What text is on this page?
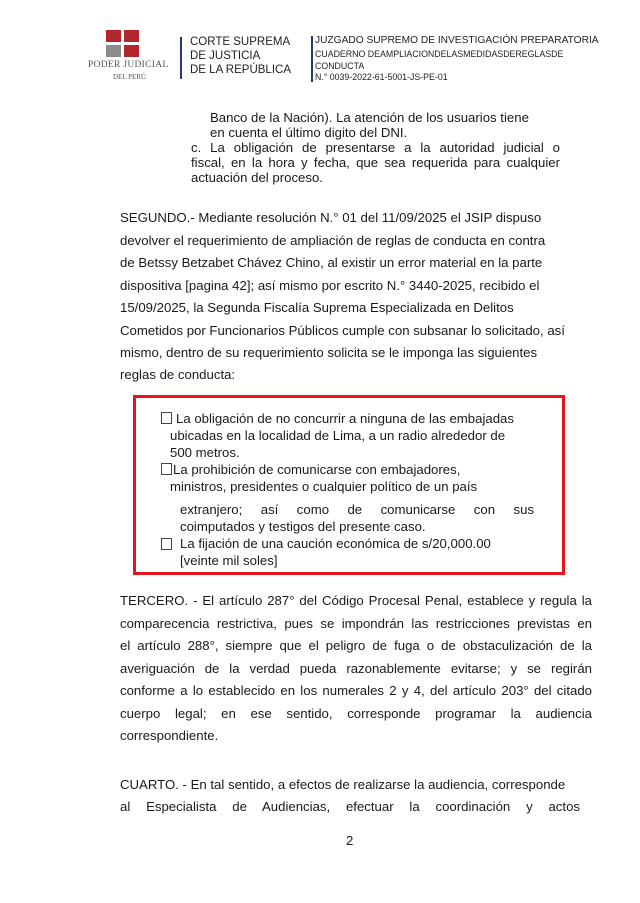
PODER JUDICIAL
DEL PERÚ
CORTE SUPREMA
DE JUSTICIA
DE LA REPÚBLICA
JUZGADO SUPREMO DE INVESTIGACIÓN PREPARATORIA
CUADERNO DEAMPLIACIONDELASMEDIDASDEREGLASDE
CONDUCTA
N.° 0039-2022-61-5001-JS-PE-01
Banco de la Nación). La atención de los usuarios tiene
en cuenta el último digito del DNI.
c. La obligación de presentarse a la autoridad judicial o
fiscal, en la hora y fecha, que sea requerida para cualquier
actuación del proceso.
SEGUNDO.- Mediante resolución N.° 01 del 11/09/2025 el JSIP dispuso
devolver el requerimiento de ampliación de reglas de conducta en contra
de Betssy Betzabet Chávez Chino, al existir un error material en la parte
dispositiva [pagina 42]; así mismo por escrito N.° 3440-2025, recibido el
15/09/2025, la Segunda Fiscalía Suprema Especializada en Delitos
Cometidos por Funcionarios Públicos cumple con subsanar lo solicitado, así
mismo, dentro de su requerimiento solicita se le imponga las siguientes
reglas de conducta:
La obligación de no concurrir a ninguna de las embajadas
ubicadas en la localidad de Lima, a un radio alrededor de
500 metros.
La prohibición de comunicarse con embajadores,
ministros, presidentes o cualquier político de un país
extranjero; así como de comunicarse con sus
coimputados y testigos del presente caso.
La fijación de una caución económica de s/20,000.00
[veinte mil soles]
TERCERO. - El artículo 287° del Código Procesal Penal, establece y regula la
comparecencia restrictiva, pues se impondrán las restricciones previstas en
el artículo 288°, siempre que el peligro de fuga o de obstaculización de la
averiguación de la verdad pueda razonablemente evitarse; y se regirán
conforme a lo establecido en los numerales 2 y 4, del artículo 203° del citado
cuerpo legal; en ese sentido, corresponde programar la audiencia
correspondiente.
CUARTO. - En tal sentido, a efectos de realizarse la audiencia, corresponde
al Especialista de Audiencias, efectuar la coordinación y actos
2
